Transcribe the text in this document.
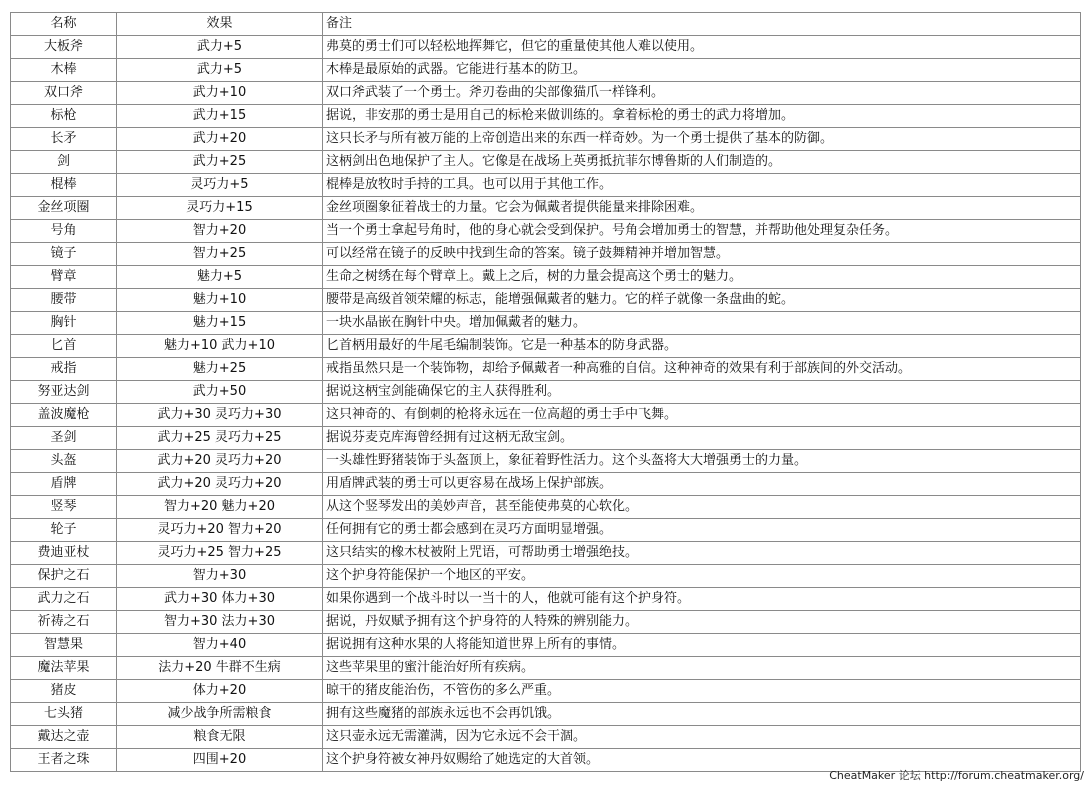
名称	效果	备注
大板斧	武力+5	弗莫的勇士们可以轻松地挥舞它，但它的重量使其他人难以使用。
木棒	武力+5	木棒是最原始的武器。它能进行基本的防卫。
双口斧	武力+10	双口斧武装了一个勇士。斧刃卷曲的尖部像猫爪一样锋利。
标枪	武力+15	据说，非安那的勇士是用自己的标枪来做训练的。拿着标枪的勇士的武力将增加。
长矛	武力+20	这只长矛与所有被万能的上帝创造出来的东西一样奇妙。为一个勇士提供了基本的防御。
剑	武力+25	这柄剑出色地保护了主人。它像是在战场上英勇抵抗菲尔博鲁斯的人们制造的。
棍棒	灵巧力+5	棍棒是放牧时手持的工具。也可以用于其他工作。
金丝项圈	灵巧力+15	金丝项圈象征着战士的力量。它会为佩戴者提供能量来排除困难。
号角	智力+20	当一个勇士拿起号角时，他的身心就会受到保护。号角会增加勇士的智慧，并帮助他处理复杂任务。
镜子	智力+25	可以经常在镜子的反映中找到生命的答案。镜子鼓舞精神并增加智慧。
臂章	魅力+5	生命之树绣在每个臂章上。戴上之后，树的力量会提高这个勇士的魅力。
腰带	魅力+10	腰带是高级首领荣耀的标志，能增强佩戴者的魅力。它的样子就像一条盘曲的蛇。
胸针	魅力+15	一块水晶嵌在胸针中央。增加佩戴者的魅力。
匕首	魅力+10 武力+10	匕首柄用最好的牛尾毛编制装饰。它是一种基本的防身武器。
戒指	魅力+25	戒指虽然只是一个装饰物，却给予佩戴者一种高雅的自信。这种神奇的效果有利于部族间的外交活动。
努亚达剑	武力+50	据说这柄宝剑能确保它的主人获得胜利。
盖波魔枪	武力+30 灵巧力+30	这只神奇的、有倒刺的枪将永远在一位高超的勇士手中飞舞。
圣剑	武力+25 灵巧力+25	据说芬麦克库海曾经拥有过这柄无敌宝剑。
头盔	武力+20 灵巧力+20	一头雄性野猪装饰于头盔顶上，象征着野性活力。这个头盔将大大增强勇士的力量。
盾牌	武力+20 灵巧力+20	用盾牌武装的勇士可以更容易在战场上保护部族。
竖琴	智力+20 魅力+20	从这个竖琴发出的美妙声音，甚至能使弗莫的心软化。
轮子	灵巧力+20 智力+20	任何拥有它的勇士都会感到在灵巧方面明显增强。
费迪亚杖	灵巧力+25 智力+25	这只结实的橡木杖被附上咒语，可帮助勇士增强绝技。
保护之石	智力+30	这个护身符能保护一个地区的平安。
武力之石	武力+30 体力+30	如果你遇到一个战斗时以一当十的人，他就可能有这个护身符。
祈祷之石	智力+30 法力+30	据说，丹奴赋予拥有这个护身符的人特殊的辨别能力。
智慧果	智力+40	据说拥有这种水果的人将能知道世界上所有的事情。
魔法苹果	法力+20 牛群不生病	这些苹果里的蜜汁能治好所有疾病。
猪皮	体力+20	晾干的猪皮能治伤，不管伤的多么严重。
七头猪	减少战争所需粮食	拥有这些魔猪的部族永远也不会再饥饿。
戴达之壶	粮食无限	这只壶永远无需灌满，因为它永远不会干涸。
王者之珠	四围+20	这个护身符被女神丹奴赐给了她选定的大首领。
CheatMaker 论坛 http://forum.cheatmaker.org/
